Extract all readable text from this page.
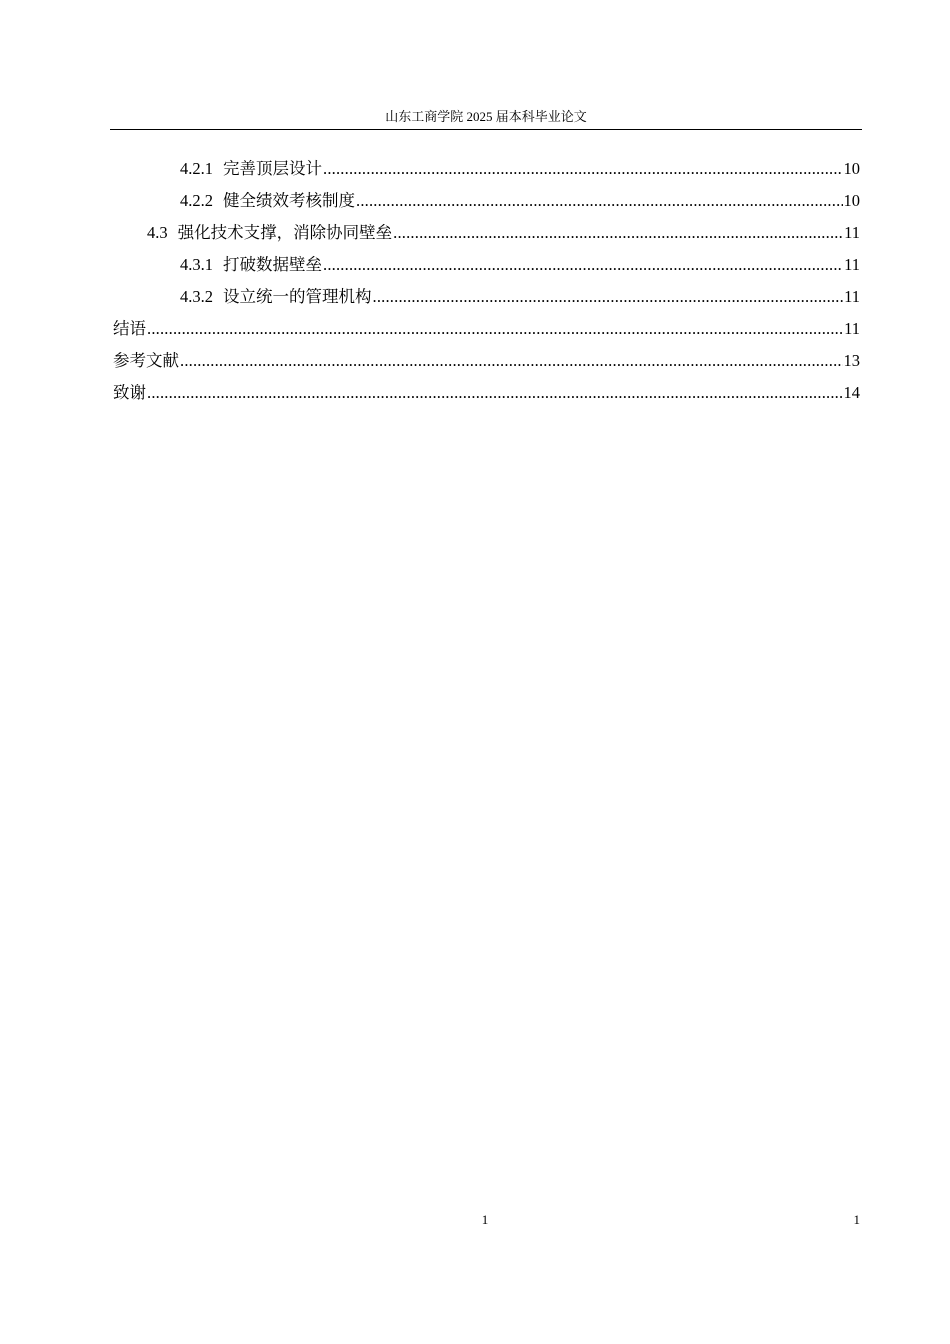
山东工商学院 2025 届本科毕业论文
4.2.1 完善顶层设计 .....	10
4.2.2 健全绩效考核制度 .....	10
4.3 强化技术支撑，消除协同壁垒 .....	11
4.3.1 打破数据壁垒 .....	11
4.3.2 设立统一的管理机构 .....	11
结语 .....	11
参考文献 .....	13
致谢 .....	14
1	1
